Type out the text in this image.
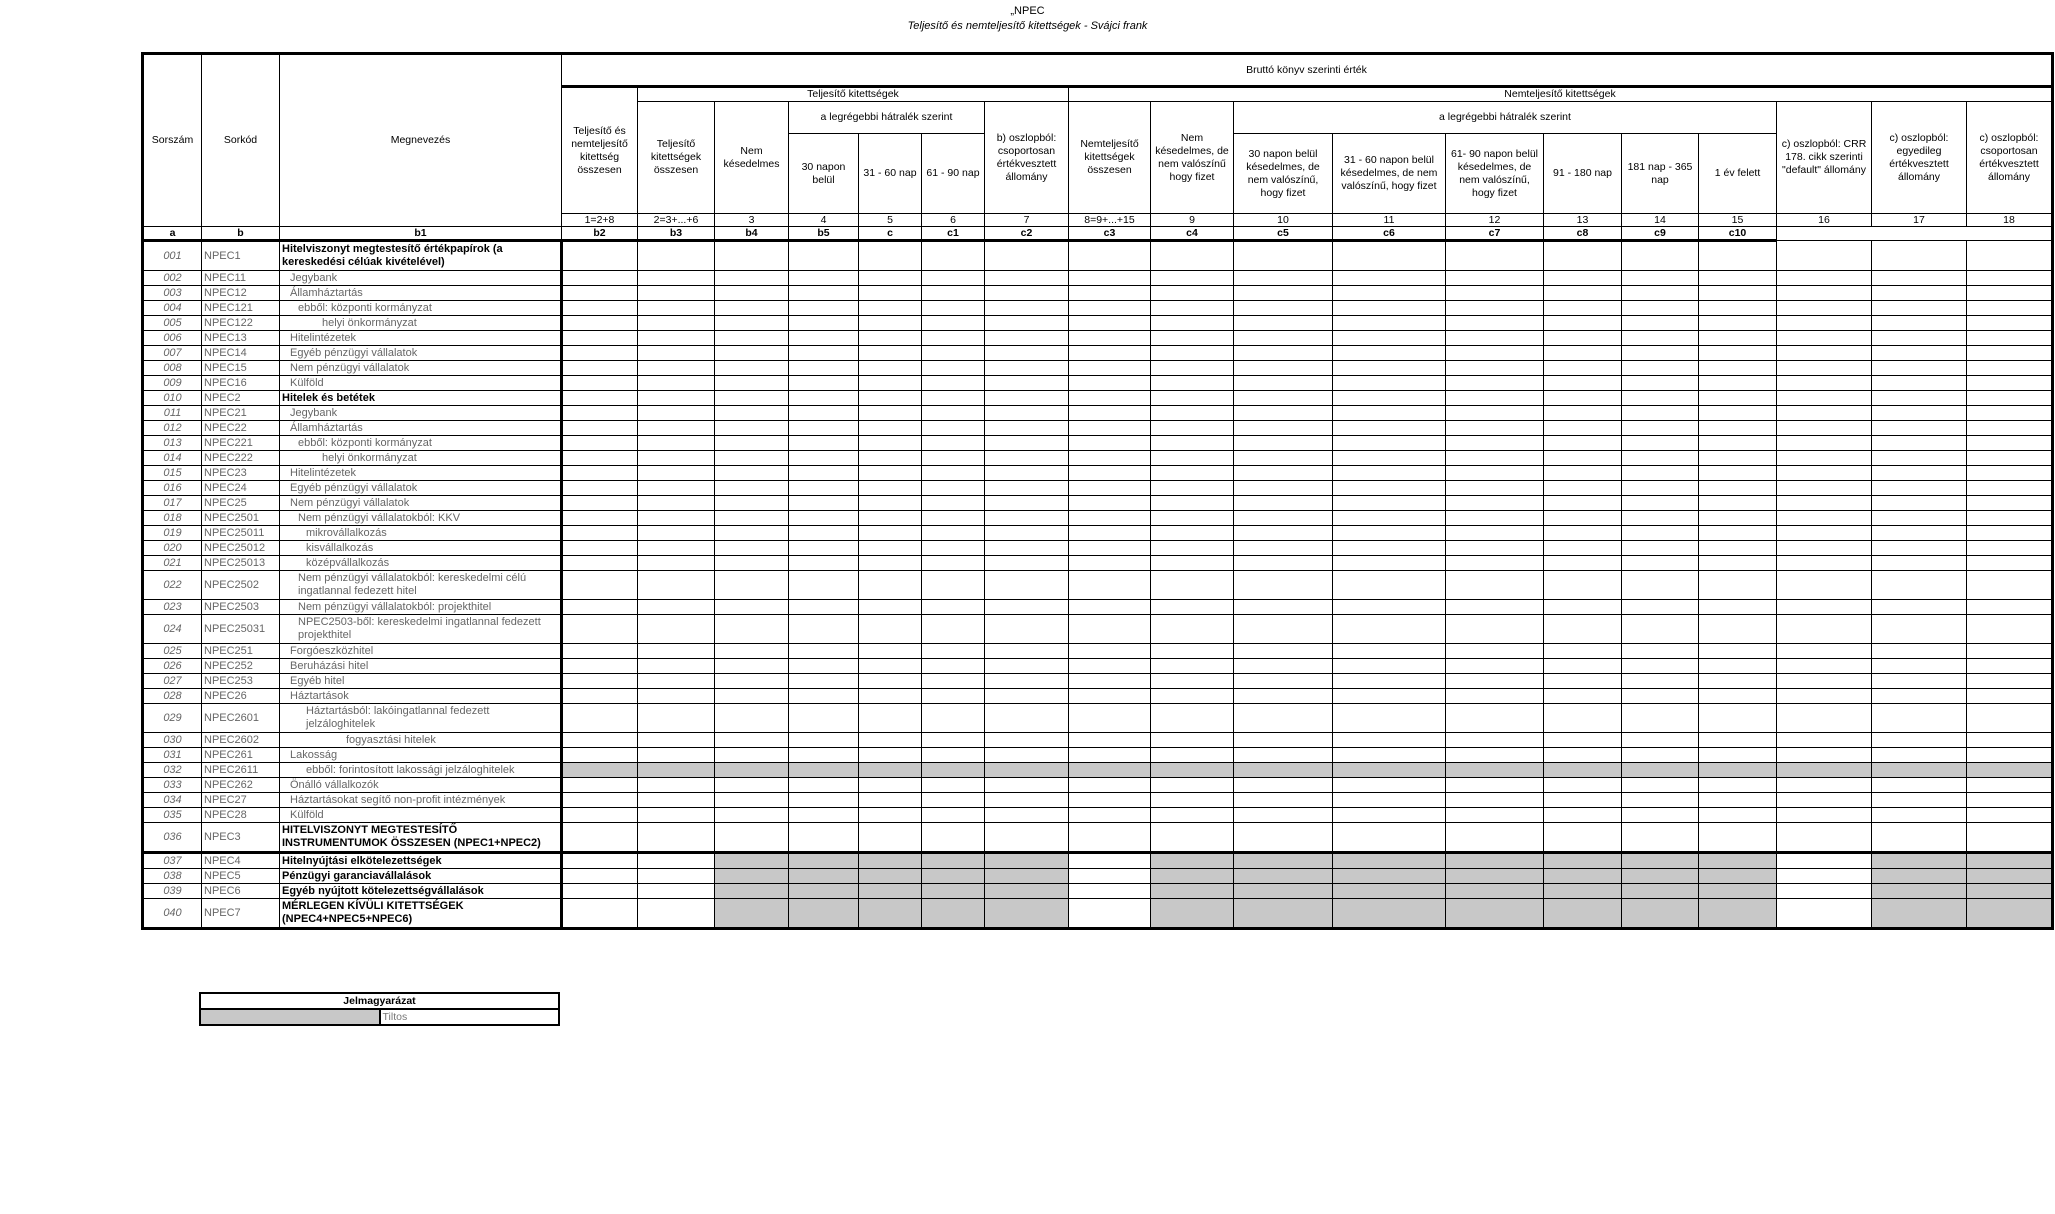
„NPEC
Teljesítő és nemteljesítő kitettségek - Svájci frank
Sorszám	Sorkód	Megnevezés	Bruttó könyv szerinti érték																	
			Teljesítő és nemteljesítő kitettség összesen	Teljesítő kitettségek						Nemteljesítő kitettségek										
				Teljesítő kitettségek összesen	Nem késedelmes	a legrégebbi hátralék szerint			b) oszlopból: csoportosan értékvesztett állomány	Nemteljesítő kitettségek összesen	Nem késedelmes, de nem valószínű hogy fizet	a legrégebbi hátralék szerint						c) oszlopból: CRR 178. cikk szerinti "default" állomány	c) oszlopból: egyedileg értékvesztett állomány	c) oszlopból: csoportosan értékvesztett állomány
						30 napon belül	31 - 60 nap	61 - 90 nap				30 napon belül késedelmes, de nem valószínű, hogy fizet	31 - 60 napon belül késedelmes, de nem valószínű, hogy fizet	61- 90 napon belül késedelmes, de nem valószínű, hogy fizet	91 - 180 nap	181 nap - 365 nap	1 év felett			
			1=2+8	2=3+...+6	3	4	5	6	7	8=9+...+15	9	10	11	12	13	14	15	16	17	18
a	b	b1	b2	b3	b4	b5	c	c1	c2	c3	c4	c5	c6	c7	c8	c9	c10			
001	NPEC1	Hitelviszonyt megtestesítő értékpapírok (a kereskedési célúak kivételével)																		
002	NPEC11	Jegybank																		
003	NPEC12	Államháztartás																		
004	NPEC121	ebből: központi kormányzat																		
005	NPEC122	helyi önkormányzat																		
006	NPEC13	Hitelintézetek																		
007	NPEC14	Egyéb pénzügyi vállalatok																		
008	NPEC15	Nem pénzügyi vállalatok																		
009	NPEC16	Külföld																		
010	NPEC2	Hitelek és betétek																		
011	NPEC21	Jegybank																		
012	NPEC22	Államháztartás																		
013	NPEC221	ebből: központi kormányzat																		
014	NPEC222	helyi önkormányzat																		
015	NPEC23	Hitelintézetek																		
016	NPEC24	Egyéb pénzügyi vállalatok																		
017	NPEC25	Nem pénzügyi vállalatok																		
018	NPEC2501	Nem pénzügyi vállalatokból: KKV																		
019	NPEC25011	mikrovállalkozás																		
020	NPEC25012	kisvállalkozás																		
021	NPEC25013	középvállalkozás																		
022	NPEC2502	Nem pénzügyi vállalatokból: kereskedelmi célú ingatlannal fedezett hitel																		
023	NPEC2503	Nem pénzügyi vállalatokból: projekthitel																		
024	NPEC25031	NPEC2503-ből: kereskedelmi ingatlannal fedezett projekthitel																		
025	NPEC251	Forgóeszközhitel																		
026	NPEC252	Beruházási hitel																		
027	NPEC253	Egyéb hitel																		
028	NPEC26	Háztartások																		
029	NPEC2601	Háztartásból: lakóingatlannal fedezett jelzáloghitelek																		
030	NPEC2602	fogyasztási hitelek																		
031	NPEC261	Lakosság																		
032	NPEC2611	ebből: forintosított lakossági jelzáloghitelek																		
033	NPEC262	Önálló vállalkozók																		
034	NPEC27	Háztartásokat segítő non-profit intézmények																		
035	NPEC28	Külföld																		
036	NPEC3	HITELVISZONYT MEGTESTESÍTŐ INSTRUMENTUMOK ÖSSZESEN (NPEC1+NPEC2)																		
037	NPEC4	Hitelnyújtási elkötelezettségek																		
038	NPEC5	Pénzügyi garanciavállalások																		
039	NPEC6	Egyéb nyújtott kötelezettségvállalások																		
040	NPEC7	MÉRLEGEN KÍVÜLI KITETTSÉGEK (NPEC4+NPEC5+NPEC6)																		
Jelmagyarázat
	Tiltos
